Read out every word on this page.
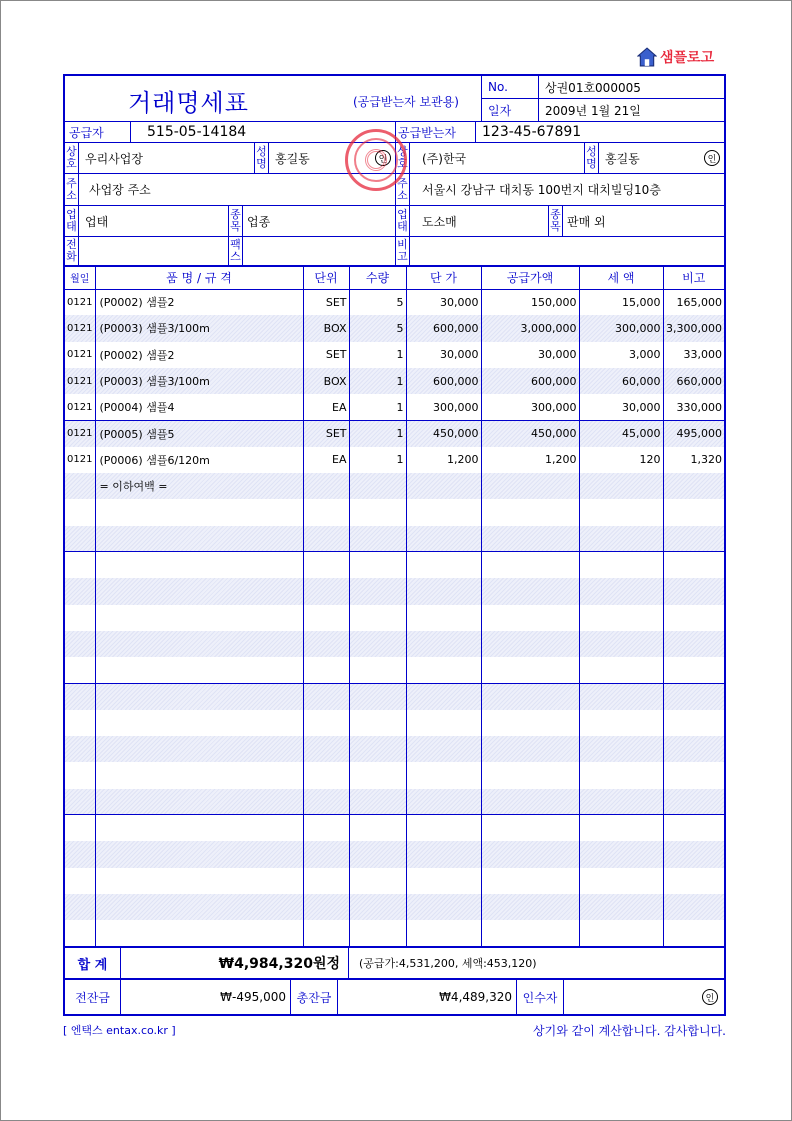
샘플로고
거래명세표	(공급받는자 보관용)
No.	상권01호000005
일자	2009년 1월 21일
공급자	515-05-14184	공급받는자	123-45-67891
상호 우리사업장	성명 홍길동	인
상호	(주)한국	성명 홍길동	인
주소	사업장 주소	주소	서울시 강남구 대치동 100번지 대치빌딩10층
업태 업태	종목 업종	업태	도소매	종목 판매 외
전화
팩스
비고
월일	품 명 / 규 격	단위	수량	단 가	공급가액	세 액	비고
0121	(P0002) 샘플2	SET	5	30,000	150,000	15,000	165,000
0121	(P0003) 샘플3/100m	BOX	5	600,000	3,000,000	300,000	3,300,000
0121	(P0002) 샘플2	SET	1	30,000	30,000	3,000	33,000
0121	(P0003) 샘플3/100m	BOX	1	600,000	600,000	60,000	660,000
0121	(P0004) 샘플4	EA	1	300,000	300,000	30,000	330,000
0121	(P0005) 샘플5	SET	1	450,000	450,000	45,000	495,000
0121	(P0006) 샘플6/120m	EA	1	1,200	1,200	120	1,320
	= 이하여백 =						

합 계	₩4,984,320원정	(공급가:4,531,200, 세액:453,120)
전잔금	₩-495,000 총잔금	₩4,489,320 인수자	인
[ 엔택스 entax.co.kr ]	상기와 같이 계산합니다. 감사합니다.
